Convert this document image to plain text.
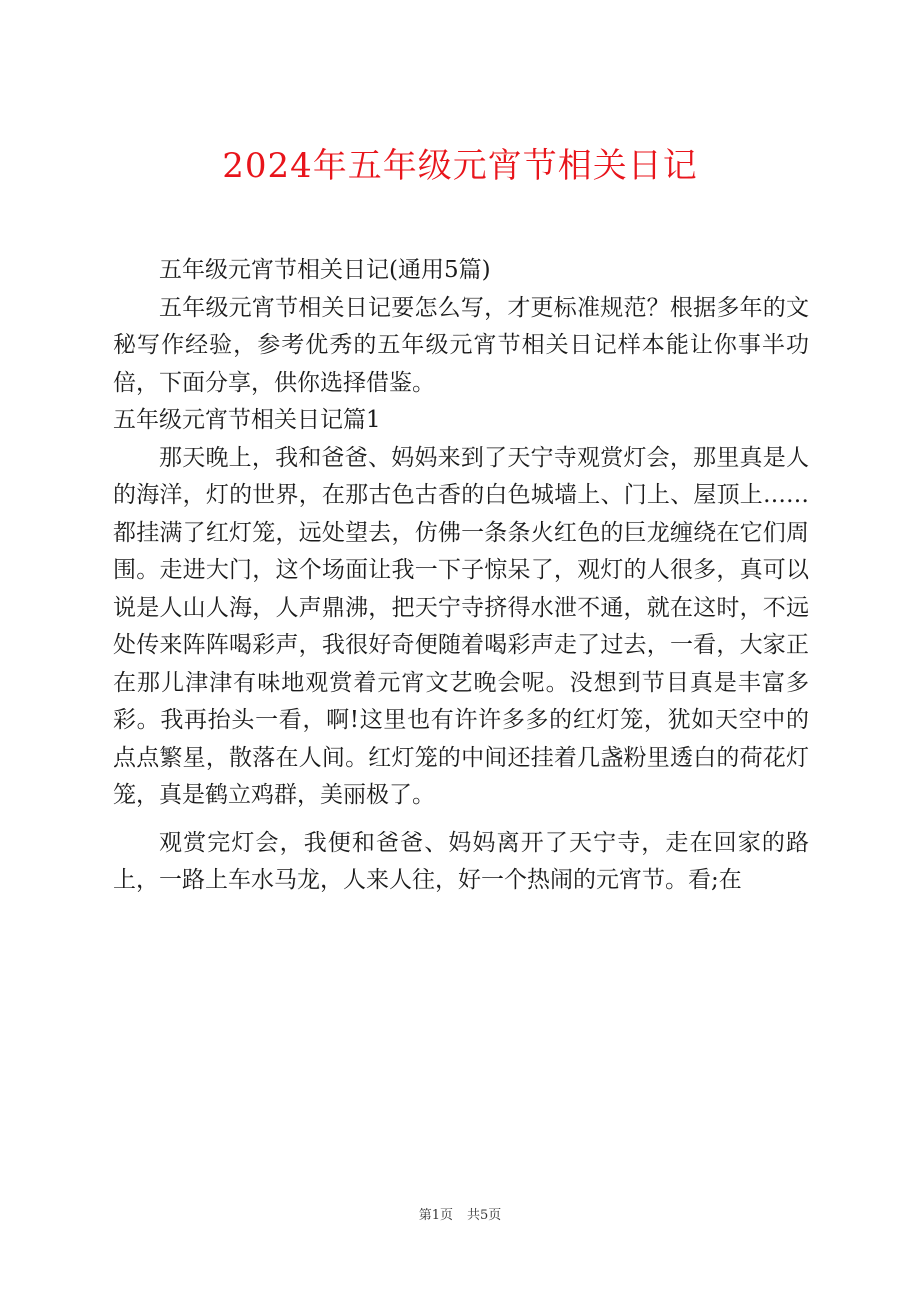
2024年五年级元宵节相关日记

五年级元宵节相关日记(通用5篇)

五年级元宵节相关日记要怎么写，才更标准规范？根据多年的文秘写作经验，参考优秀的五年级元宵节相关日记样本能让你事半功倍，下面分享，供你选择借鉴。

五年级元宵节相关日记篇1

那天晚上，我和爸爸、妈妈来到了天宁寺观赏灯会，那里真是人的海洋，灯的世界，在那古色古香的白色城墙上、门上、屋顶上……都挂满了红灯笼，远处望去，仿佛一条条火红色的巨龙缠绕在它们周围。走进大门，这个场面让我一下子惊呆了，观灯的人很多，真可以说是人山人海，人声鼎沸，把天宁寺挤得水泄不通，就在这时，不远处传来阵阵喝彩声，我很好奇便随着喝彩声走了过去，一看，大家正在那儿津津有味地观赏着元宵文艺晚会呢。没想到节目真是丰富多彩。我再抬头一看，啊!这里也有许许多多的红灯笼，犹如天空中的点点繁星，散落在人间。红灯笼的中间还挂着几盏粉里透白的荷花灯笼，真是鹤立鸡群，美丽极了。

观赏完灯会，我便和爸爸、妈妈离开了天宁寺，走在回家的路上，一路上车水马龙，人来人往，好一个热闹的元宵节。看;在

第1页 共5页
